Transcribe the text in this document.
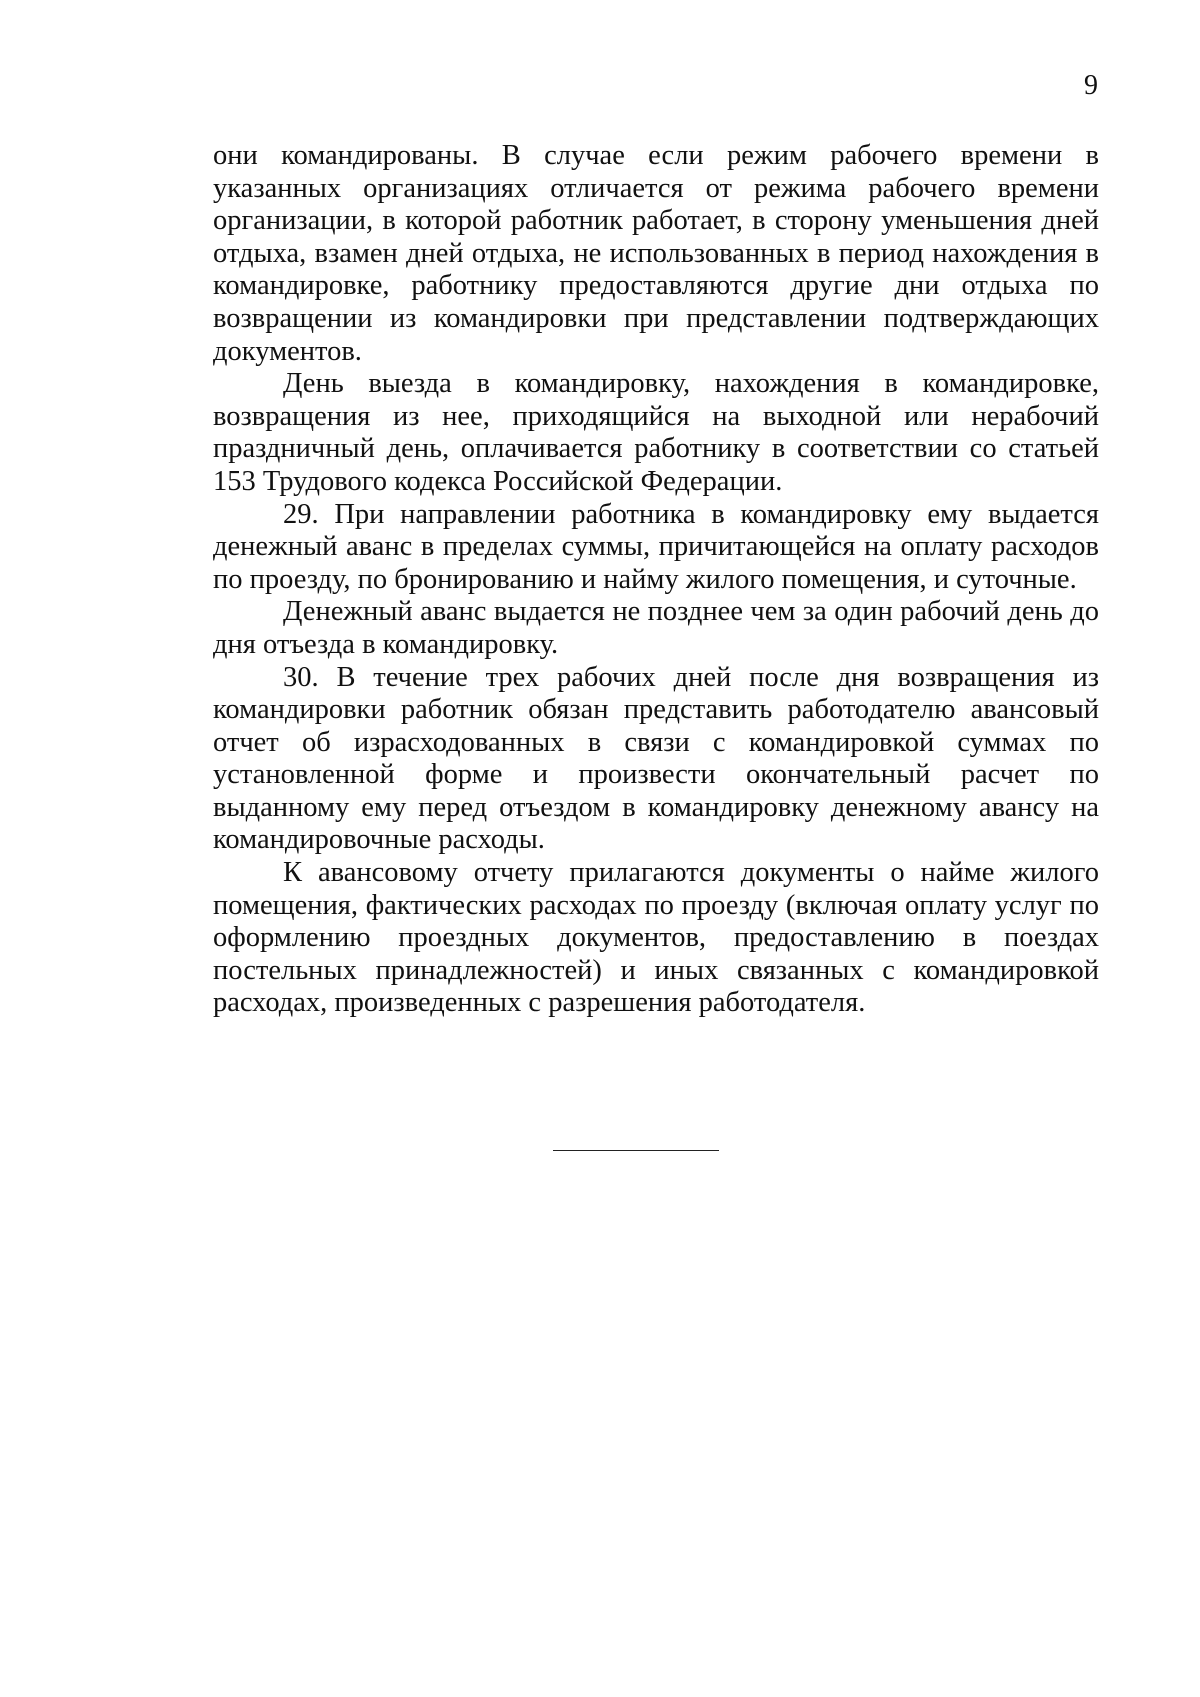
9

они командированы. В случае если режим рабочего времени в указанных организациях отличается от режима рабочего времени организации, в которой работник работает, в сторону уменьшения дней отдыха, взамен дней отдыха, не использованных в период нахождения в командировке, работнику предоставляются другие дни отдыха по возвращении из командировки при представлении подтверждающих документов.

День выезда в командировку, нахождения в командировке, возвращения из нее, приходящийся на выходной или нерабочий праздничный день, оплачивается работнику в соответствии со статьей 153 Трудового кодекса Российской Федерации.

29. При направлении работника в командировку ему выдается денежный аванс в пределах суммы, причитающейся на оплату расходов по проезду, по бронированию и найму жилого помещения, и суточные.

Денежный аванс выдается не позднее чем за один рабочий день до дня отъезда в командировку.

30. В течение трех рабочих дней после дня возвращения из командировки работник обязан представить работодателю авансовый отчет об израсходованных в связи с командировкой суммах по установленной форме и произвести окончательный расчет по выданному ему перед отъездом в командировку денежному авансу на командировочные расходы.

К авансовому отчету прилагаются документы о найме жилого помещения, фактических расходах по проезду (включая оплату услуг по оформлению проездных документов, предоставлению в поездах постельных принадлежностей) и иных связанных с командировкой расходах, произведенных с разрешения работодателя.
